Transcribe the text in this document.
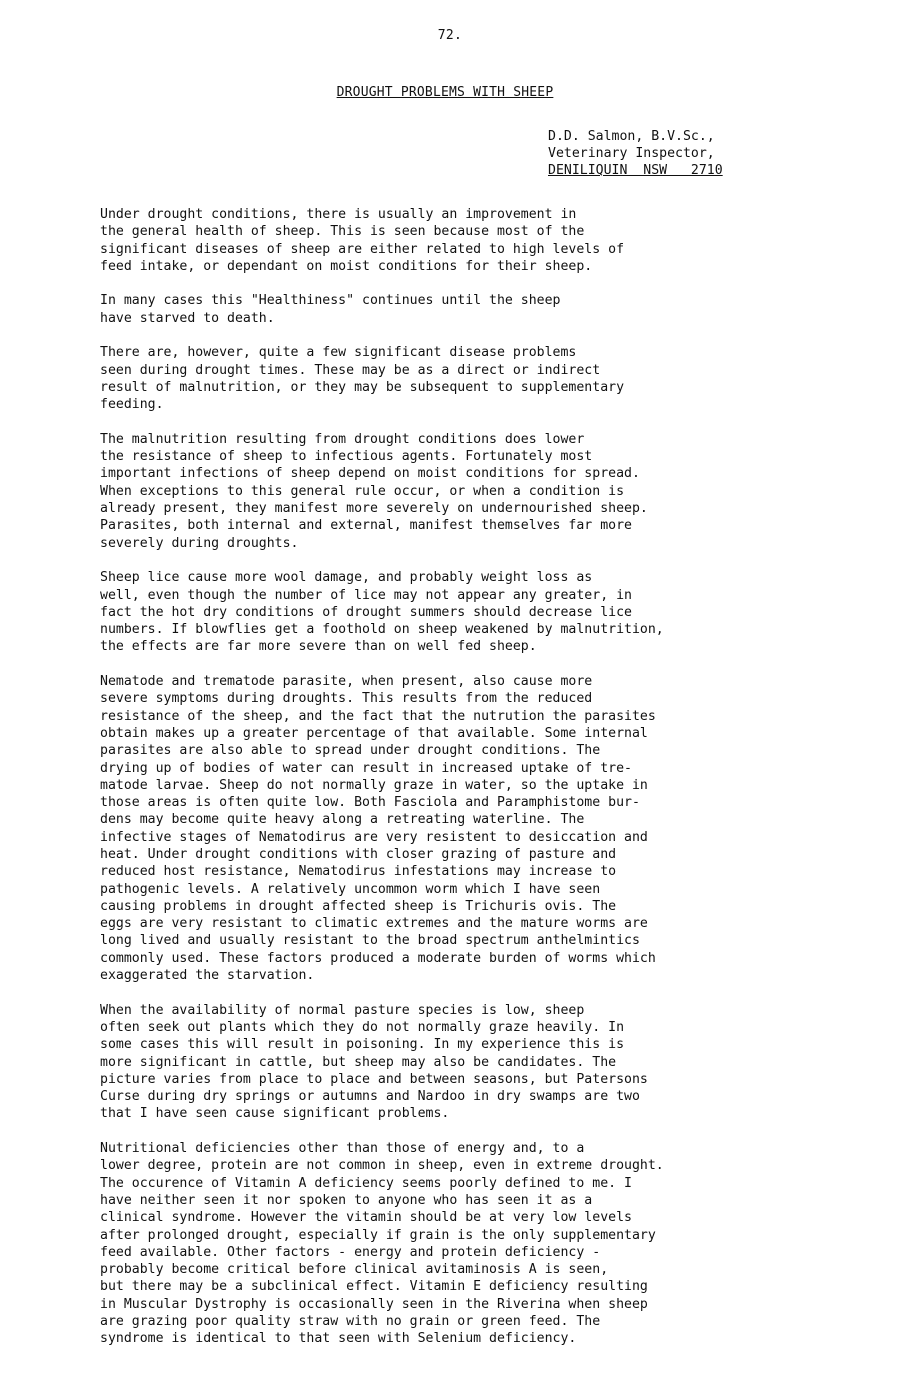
72.
DROUGHT PROBLEMS WITH SHEEP
D.D. Salmon, B.V.Sc.,
Veterinary Inspector,
DENILIQUIN  NSW   2710

Under drought conditions, there is usually an improvement in
the general health of sheep. This is seen because most of the
significant diseases of sheep are either related to high levels of
feed intake, or dependant on moist conditions for their sheep.

In many cases this "Healthiness" continues until the sheep
have starved to death.

There are, however, quite a few significant disease problems
seen during drought times. These may be as a direct or indirect
result of malnutrition, or they may be subsequent to supplementary
feeding.

The malnutrition resulting from drought conditions does lower
the resistance of sheep to infectious agents. Fortunately most
important infections of sheep depend on moist conditions for spread.
When exceptions to this general rule occur, or when a condition is
already present, they manifest more severely on undernourished sheep.
Parasites, both internal and external, manifest themselves far more
severely during droughts.

Sheep lice cause more wool damage, and probably weight loss as
well, even though the number of lice may not appear any greater, in
fact the hot dry conditions of drought summers should decrease lice
numbers. If blowflies get a foothold on sheep weakened by malnutrition,
the effects are far more severe than on well fed sheep.

Nematode and trematode parasite, when present, also cause more
severe symptoms during droughts. This results from the reduced
resistance of the sheep, and the fact that the nutrution the parasites
obtain makes up a greater percentage of that available. Some internal
parasites are also able to spread under drought conditions. The
drying up of bodies of water can result in increased uptake of tre-
matode larvae. Sheep do not normally graze in water, so the uptake in
those areas is often quite low. Both Fasciola and Paramphistome bur-
dens may become quite heavy along a retreating waterline. The
infective stages of Nematodirus are very resistent to desiccation and
heat. Under drought conditions with closer grazing of pasture and
reduced host resistance, Nematodirus infestations may increase to
pathogenic levels. A relatively uncommon worm which I have seen
causing problems in drought affected sheep is Trichuris ovis. The
eggs are very resistant to climatic extremes and the mature worms are
long lived and usually resistant to the broad spectrum anthelmintics
commonly used. These factors produced a moderate burden of worms which
exaggerated the starvation.

When the availability of normal pasture species is low, sheep
often seek out plants which they do not normally graze heavily. In
some cases this will result in poisoning. In my experience this is
more significant in cattle, but sheep may also be candidates. The
picture varies from place to place and between seasons, but Patersons
Curse during dry springs or autumns and Nardoo in dry swamps are two
that I have seen cause significant problems.

Nutritional deficiencies other than those of energy and, to a
lower degree, protein are not common in sheep, even in extreme drought.
The occurence of Vitamin A deficiency seems poorly defined to me. I
have neither seen it nor spoken to anyone who has seen it as a
clinical syndrome. However the vitamin should be at very low levels
after prolonged drought, especially if grain is the only supplementary
feed available. Other factors - energy and protein deficiency -
probably become critical before clinical avitaminosis A is seen,
but there may be a subclinical effect. Vitamin E deficiency resulting
in Muscular Dystrophy is occasionally seen in the Riverina when sheep
are grazing poor quality straw with no grain or green feed. The
syndrome is identical to that seen with Selenium deficiency.
